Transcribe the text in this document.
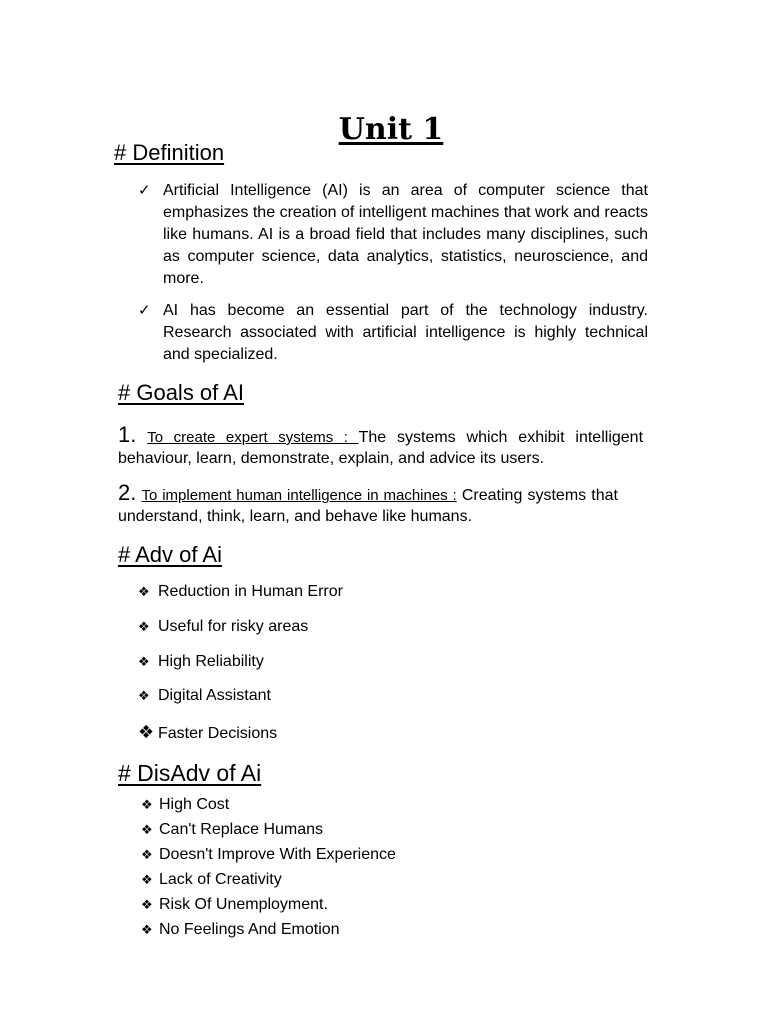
Unit 1
# Definition
✓ Artificial Intelligence (AI) is an area of computer science that emphasizes the creation of intelligent machines that work and reacts like humans. AI is a broad field that includes many disciplines, such as computer science, data analytics, statistics, neuroscience, and more.
✓ AI has become an essential part of the technology industry. Research associated with artificial intelligence is highly technical and specialized.
# Goals of AI
1. To create expert systems : The systems which exhibit intelligent behaviour, learn, demonstrate, explain, and advice its users.
2. To implement human intelligence in machines : Creating systems that understand, think, learn, and behave like humans.
# Adv of Ai
❖ Reduction in Human Error
❖ Useful for risky areas
❖ High Reliability
❖ Digital Assistant
❖ Faster Decisions
# DisAdv of Ai
❖ High Cost
❖ Can't Replace Humans
❖ Doesn't Improve With Experience
❖ Lack of Creativity
❖ Risk Of Unemployment.
❖ No Feelings And Emotion
